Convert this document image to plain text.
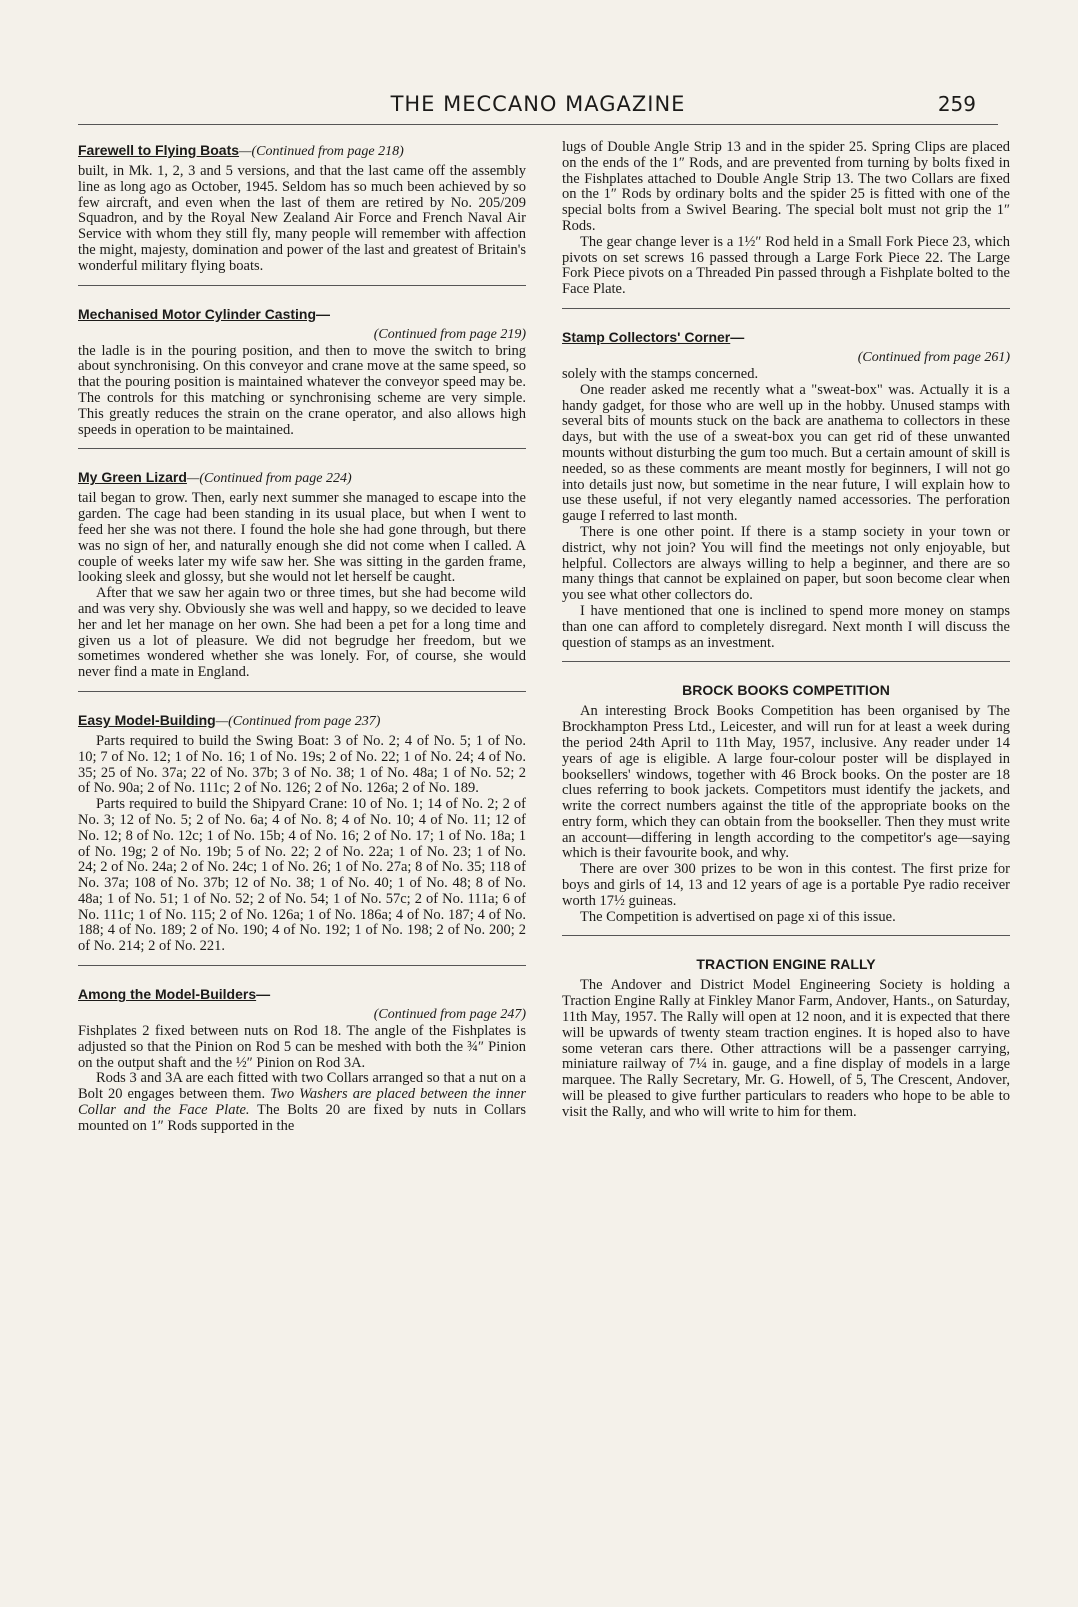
THE MECCANO MAGAZINE	259
Farewell to Flying Boats—(Continued from page 218)

built, in Mk. 1, 2, 3 and 5 versions, and that the last came off the assembly line as long ago as October, 1945. Seldom has so much been achieved by so few aircraft, and even when the last of them are retired by No. 205/209 Squadron, and by the Royal New Zealand Air Force and French Naval Air Service with whom they still fly, many people will remember with affection the might, majesty, domination and power of the last and greatest of Britain's wonderful military flying boats.

Mechanised Motor Cylinder Casting—
(Continued from page 219)

the ladle is in the pouring position, and then to move the switch to bring about synchronising. On this conveyor and crane move at the same speed, so that the pouring position is maintained whatever the conveyor speed may be. The controls for this matching or synchronising scheme are very simple. This greatly reduces the strain on the crane operator, and also allows high speeds in operation to be maintained.

My Green Lizard—(Continued from page 224)

tail began to grow. Then, early next summer she managed to escape into the garden. The cage had been standing in its usual place, but when I went to feed her she was not there. I found the hole she had gone through, but there was no sign of her, and naturally enough she did not come when I called. A couple of weeks later my wife saw her. She was sitting in the garden frame, looking sleek and glossy, but she would not let herself be caught.

After that we saw her again two or three times, but she had become wild and was very shy. Obviously she was well and happy, so we decided to leave her and let her manage on her own. She had been a pet for a long time and given us a lot of pleasure. We did not begrudge her freedom, but we sometimes wondered whether she was lonely. For, of course, she would never find a mate in England.

Easy Model-Building—(Continued from page 237)

Parts required to build the Swing Boat: 3 of No. 2; 4 of No. 5; 1 of No. 10; 7 of No. 12; 1 of No. 16; 1 of No. 19s; 2 of No. 22; 1 of No. 24; 4 of No. 35; 25 of No. 37a; 22 of No. 37b; 3 of No. 38; 1 of No. 48a; 1 of No. 52; 2 of No. 90a; 2 of No. 111c; 2 of No. 126; 2 of No. 126a; 2 of No. 189.

Parts required to build the Shipyard Crane: 10 of No. 1; 14 of No. 2; 2 of No. 3; 12 of No. 5; 2 of No. 6a; 4 of No. 8; 4 of No. 10; 4 of No. 11; 12 of No. 12; 8 of No. 12c; 1 of No. 15b; 4 of No. 16; 2 of No. 17; 1 of No. 18a; 1 of No. 19g; 2 of No. 19b; 5 of No. 22; 2 of No. 22a; 1 of No. 23; 1 of No. 24; 2 of No. 24a; 2 of No. 24c; 1 of No. 26; 1 of No. 27a; 8 of No. 35; 118 of No. 37a; 108 of No. 37b; 12 of No. 38; 1 of No. 40; 1 of No. 48; 8 of No. 48a; 1 of No. 51; 1 of No. 52; 2 of No. 54; 1 of No. 57c; 2 of No. 111a; 6 of No. 111c; 1 of No. 115; 2 of No. 126a; 1 of No. 186a; 4 of No. 187; 4 of No. 188; 4 of No. 189; 2 of No. 190; 4 of No. 192; 1 of No. 198; 2 of No. 200; 2 of No. 214; 2 of No. 221.

Among the Model-Builders—
(Continued from page 247)

Fishplates 2 fixed between nuts on Rod 18. The angle of the Fishplates is adjusted so that the Pinion on Rod 5 can be meshed with both the ¾″ Pinion on the output shaft and the ½″ Pinion on Rod 3A.

Rods 3 and 3A are each fitted with two Collars arranged so that a nut on a Bolt 20 engages between them. Two Washers are placed between the inner Collar and the Face Plate. The Bolts 20 are fixed by nuts in Collars mounted on 1″ Rods supported in the

lugs of Double Angle Strip 13 and in the spider 25. Spring Clips are placed on the ends of the 1″ Rods, and are prevented from turning by bolts fixed in the Fishplates attached to Double Angle Strip 13. The two Collars are fixed on the 1″ Rods by ordinary bolts and the spider 25 is fitted with one of the special bolts from a Swivel Bearing. The special bolt must not grip the 1″ Rods.

The gear change lever is a 1½″ Rod held in a Small Fork Piece 23, which pivots on set screws 16 passed through a Large Fork Piece 22. The Large Fork Piece pivots on a Threaded Pin passed through a Fishplate bolted to the Face Plate.

Stamp Collectors' Corner—
(Continued from page 261)

solely with the stamps concerned.

One reader asked me recently what a "sweat-box" was. Actually it is a handy gadget, for those who are well up in the hobby. Unused stamps with several bits of mounts stuck on the back are anathema to collectors in these days, but with the use of a sweat-box you can get rid of these unwanted mounts without disturbing the gum too much. But a certain amount of skill is needed, so as these comments are meant mostly for beginners, I will not go into details just now, but sometime in the near future, I will explain how to use these useful, if not very elegantly named accessories. The perforation gauge I referred to last month.

There is one other point. If there is a stamp society in your town or district, why not join? You will find the meetings not only enjoyable, but helpful. Collectors are always willing to help a beginner, and there are so many things that cannot be explained on paper, but soon become clear when you see what other collectors do.

I have mentioned that one is inclined to spend more money on stamps than one can afford to completely disregard. Next month I will discuss the question of stamps as an investment.

BROCK BOOKS COMPETITION

An interesting Brock Books Competition has been organised by The Brockhampton Press Ltd., Leicester, and will run for at least a week during the period 24th April to 11th May, 1957, inclusive. Any reader under 14 years of age is eligible. A large four-colour poster will be displayed in booksellers' windows, together with 46 Brock books. On the poster are 18 clues referring to book jackets. Competitors must identify the jackets, and write the correct numbers against the title of the appropriate books on the entry form, which they can obtain from the bookseller. Then they must write an account—differing in length according to the competitor's age—saying which is their favourite book, and why.

There are over 300 prizes to be won in this contest. The first prize for boys and girls of 14, 13 and 12 years of age is a portable Pye radio receiver worth 17½ guineas.

The Competition is advertised on page xi of this issue.

TRACTION ENGINE RALLY

The Andover and District Model Engineering Society is holding a Traction Engine Rally at Finkley Manor Farm, Andover, Hants., on Saturday, 11th May, 1957. The Rally will open at 12 noon, and it is expected that there will be upwards of twenty steam traction engines. It is hoped also to have some veteran cars there. Other attractions will be a passenger carrying, miniature railway of 7¼ in. gauge, and a fine display of models in a large marquee. The Rally Secretary, Mr. G. Howell, of 5, The Crescent, Andover, will be pleased to give further particulars to readers who hope to be able to visit the Rally, and who will write to him for them.
